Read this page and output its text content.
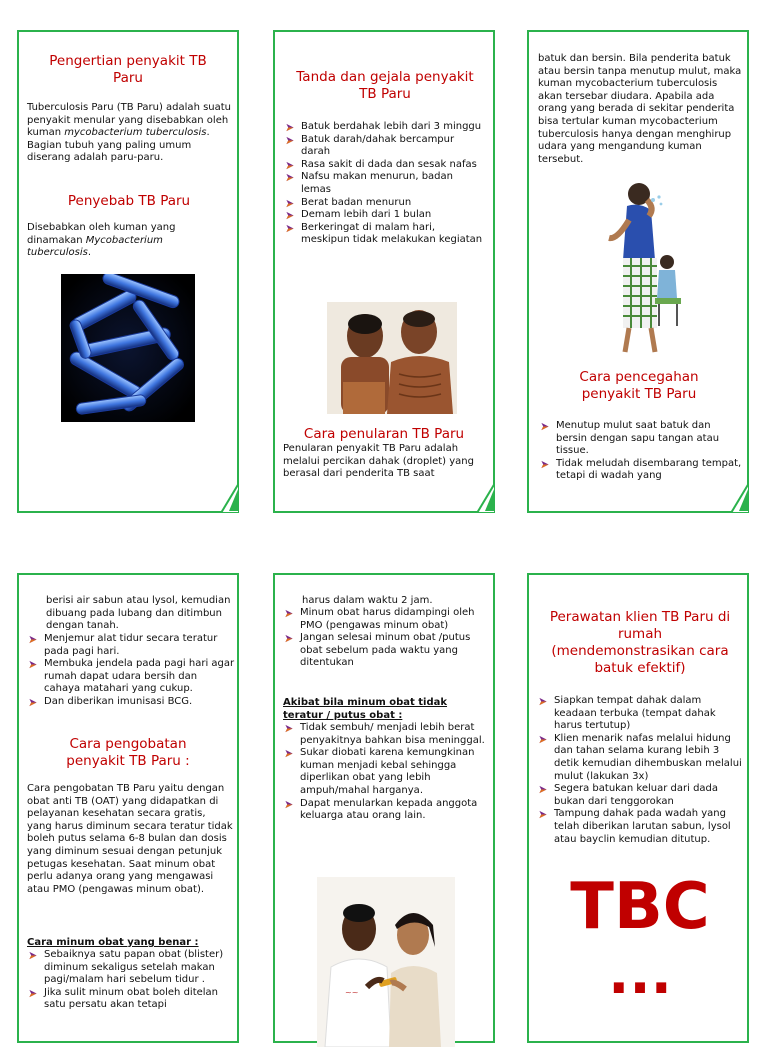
Pengertian penyakit TB Paru

Tuberculosis Paru (TB Paru) adalah suatu penyakit menular yang disebabkan oleh kuman mycobacterium tuberculosis. Bagian tubuh yang paling umum diserang adalah paru-paru.

Penyebab TB Paru

Disebabkan oleh kuman yang dinamakan Mycobacterium tuberculosis.

Tanda dan gejala penyakit TB Paru
Batuk berdahak lebih dari 3 minggu
Batuk darah/dahak bercampur darah
Rasa sakit di dada dan sesak nafas
Nafsu makan menurun, badan lemas
Berat badan menurun
Demam lebih dari 1 bulan
Berkeringat di malam hari, meskipun tidak melakukan kegiatan
Cara penularan TB Paru

Penularan penyakit TB Paru adalah melalui percikan dahak (droplet) yang berasal dari penderita TB saat

batuk dan bersin. Bila penderita batuk atau bersin tanpa menutup mulut, maka kuman mycobacterium tuberculosis akan tersebar diudara. Apabila ada orang yang berada di sekitar penderita bisa tertular kuman mycobacterium tuberculosis hanya dengan menghirup udara yang mengandung kuman tersebut.

Cara pencegahan penyakit TB Paru
Menutup mulut saat batuk dan bersin dengan sapu tangan atau tissue.
Tidak meludah disembarang tempat, tetapi di wadah yang

berisi air sabun atau lysol, kemudian dibuang pada lubang dan ditimbun dengan tanah.

Menjemur alat tidur secara teratur pada pagi hari.
Membuka jendela pada pagi hari agar rumah dapat udara bersih dan cahaya matahari yang cukup.
Dan diberikan imunisasi BCG.
Cara pengobatan penyakit TB Paru :

Cara pengobatan TB Paru yaitu dengan obat anti TB (OAT) yang didapatkan di pelayanan kesehatan secara gratis, yang harus diminum secara teratur tidak boleh putus selama 6-8 bulan dan dosis yang diminum sesuai dengan petunjuk petugas kesehatan. Saat minum obat perlu adanya orang yang mengawasi atau PMO (pengawas minum obat).

Cara minum obat yang benar :
Sebaiknya satu papan obat (blister) diminum sekaligus setelah makan pagi/malam hari sebelum tidur .
Jika sulit minum obat boleh ditelan satu persatu akan tetapi

harus dalam waktu 2 jam.

Minum obat harus didampingi oleh PMO (pengawas minum obat)
Jangan selesai minum obat /putus obat sebelum pada waktu yang ditentukan
Akibat bila minum obat tidak teratur / putus obat :
Tidak sembuh/ menjadi lebih berat penyakitnya bahkan bisa meninggal.
Sukar diobati karena kemungkinan kuman menjadi kebal sehingga diperlikan obat yang lebih ampuh/mahal harganya.
Dapat menularkan kepada anggota keluarga atau orang lain.
~~
Perawatan klien TB Paru di rumah
(mendemonstrasikan cara batuk efektif)
Siapkan tempat dahak dalam keadaan terbuka (tempat dahak harus tertutup)
Klien menarik nafas melalui hidung dan tahan selama kurang lebih 3 detik kemudian dihembuskan melalui mulut (lakukan 3x)
Segera batukan keluar dari dada bukan dari tenggorokan
Tampung dahak pada wadah yang telah diberikan larutan sabun, lysol atau bayclin kemudian ditutup.
TBC
...
